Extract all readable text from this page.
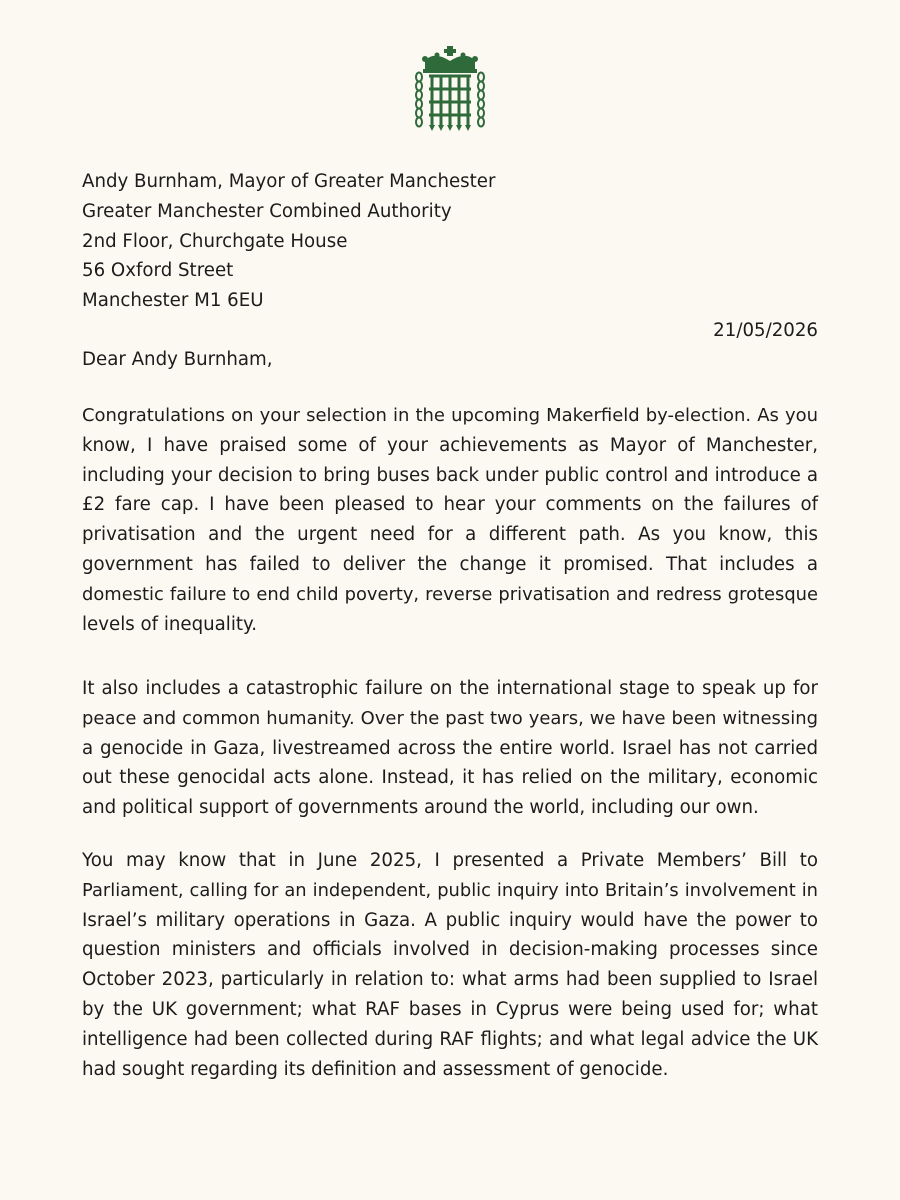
Andy Burnham, Mayor of Greater Manchester
Greater Manchester Combined Authority
2nd Floor, Churchgate House
56 Oxford Street
Manchester M1 6EU
21/05/2026
Dear Andy Burnham,

Congratulations on your selection in the upcoming Makerfield by-election. As you
know, I have praised some of your achievements as Mayor of Manchester,
including your decision to bring buses back under public control and introduce a
£2 fare cap. I have been pleased to hear your comments on the failures of
privatisation and the urgent need for a different path. As you know, this
government has failed to deliver the change it promised. That includes a
domestic failure to end child poverty, reverse privatisation and redress grotesque
levels of inequality.

It also includes a catastrophic failure on the international stage to speak up for
peace and common humanity. Over the past two years, we have been witnessing
a genocide in Gaza, livestreamed across the entire world. Israel has not carried
out these genocidal acts alone. Instead, it has relied on the military, economic
and political support of governments around the world, including our own.

You may know that in June 2025, I presented a Private Members’ Bill to
Parliament, calling for an independent, public inquiry into Britain’s involvement in
Israel’s military operations in Gaza. A public inquiry would have the power to
question ministers and officials involved in decision-making processes since
October 2023, particularly in relation to: what arms had been supplied to Israel
by the UK government; what RAF bases in Cyprus were being used for; what
intelligence had been collected during RAF flights; and what legal advice the UK
had sought regarding its definition and assessment of genocide.
